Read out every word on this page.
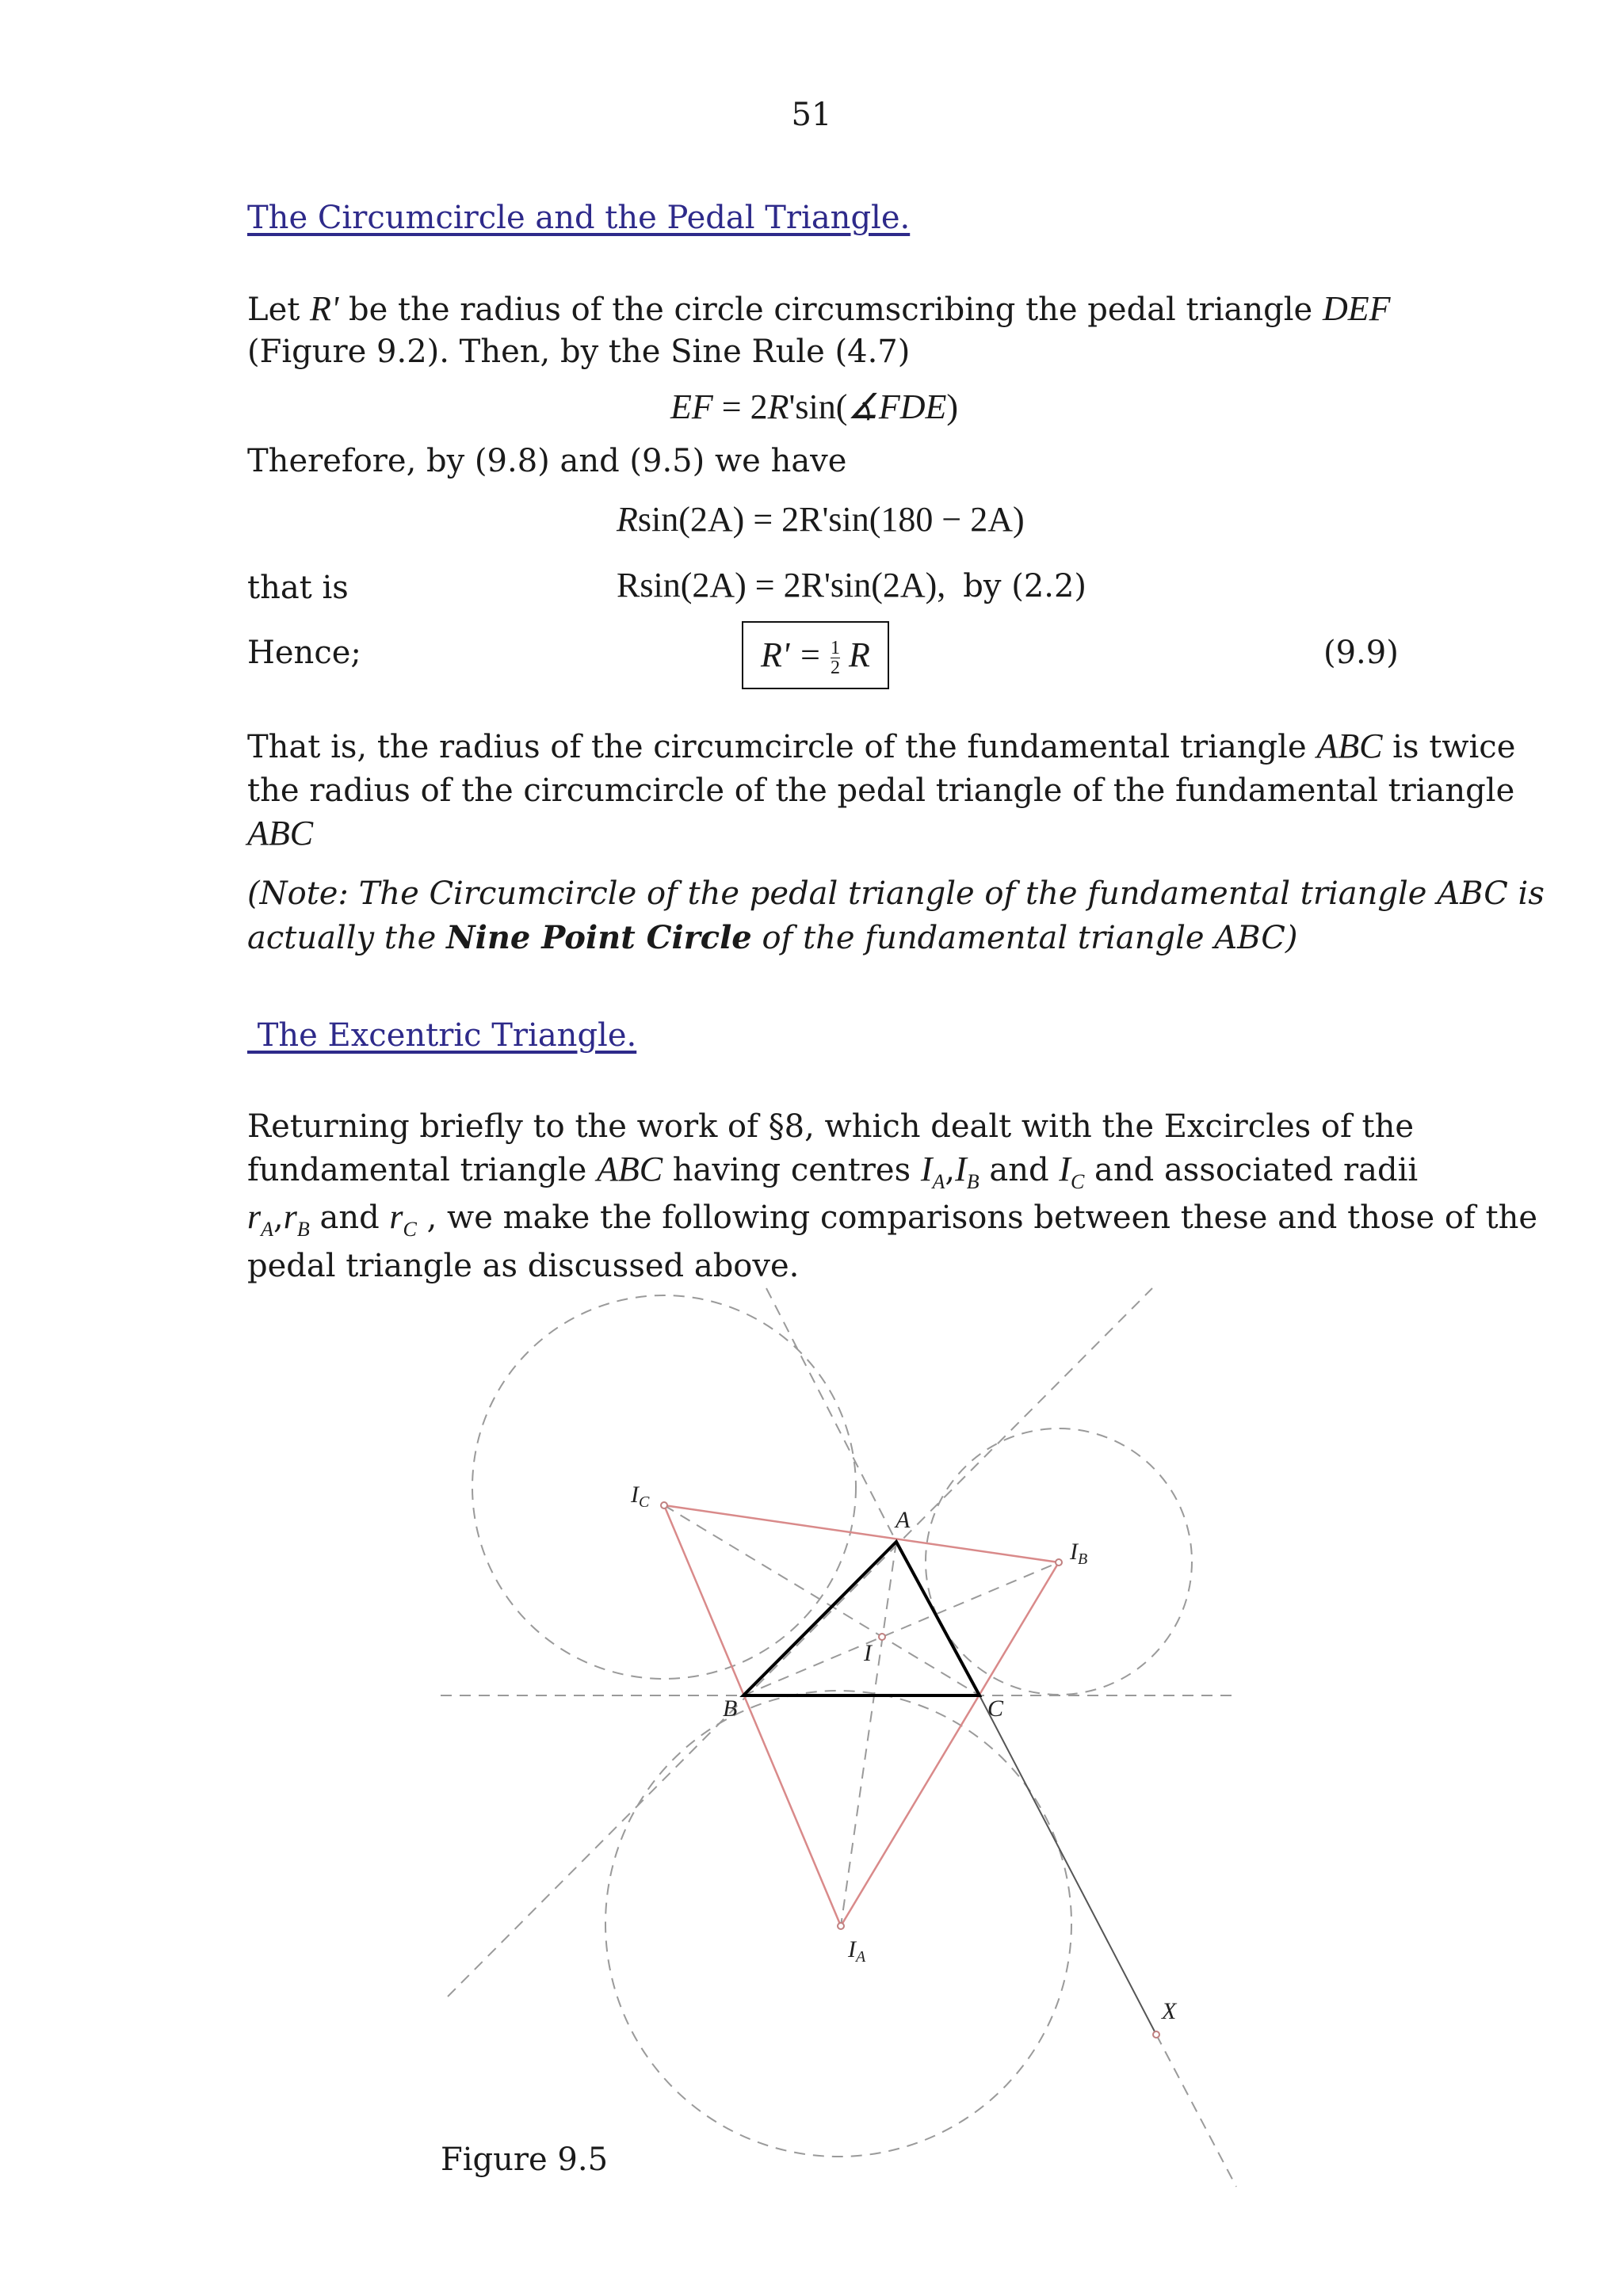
51
The Circumcircle and the Pedal Triangle.
Let R' be the radius of the circle circumscribing the pedal triangle DEF
(Figure 9.2). Then, by the Sine Rule (4.7)
EF = 2R'sin(∡FDE)
Therefore, by (9.8) and (9.5) we have
Rsin(2A) = 2R'sin(180 − 2A)
that is	Rsin(2A) = 2R'sin(2A), by (2.2)
Hence;	$R' = \frac{1}{2}$ R	(9.9)
That is, the radius of the circumcircle of the fundamental triangle ABC is twice
the radius of the circumcircle of the pedal triangle of the fundamental triangle
ABC
(Note: The Circumcircle of the pedal triangle of the fundamental triangle ABC is
actually the Nine Point Circle of the fundamental triangle ABC)
The Excentric Triangle.
Returning briefly to the work of §8, which dealt with the Excircles of the
fundamental triangle ABC having centres $I_A,I_B$ and $I_C$ and associated radii
$r_A,r_B$ and $r_C$ , we make the following comparisons between these and those of the
pedal triangle as discussed above.
$I_C$
A
$I_B$
I
B	C
$I_A$
X
Figure 9.5
